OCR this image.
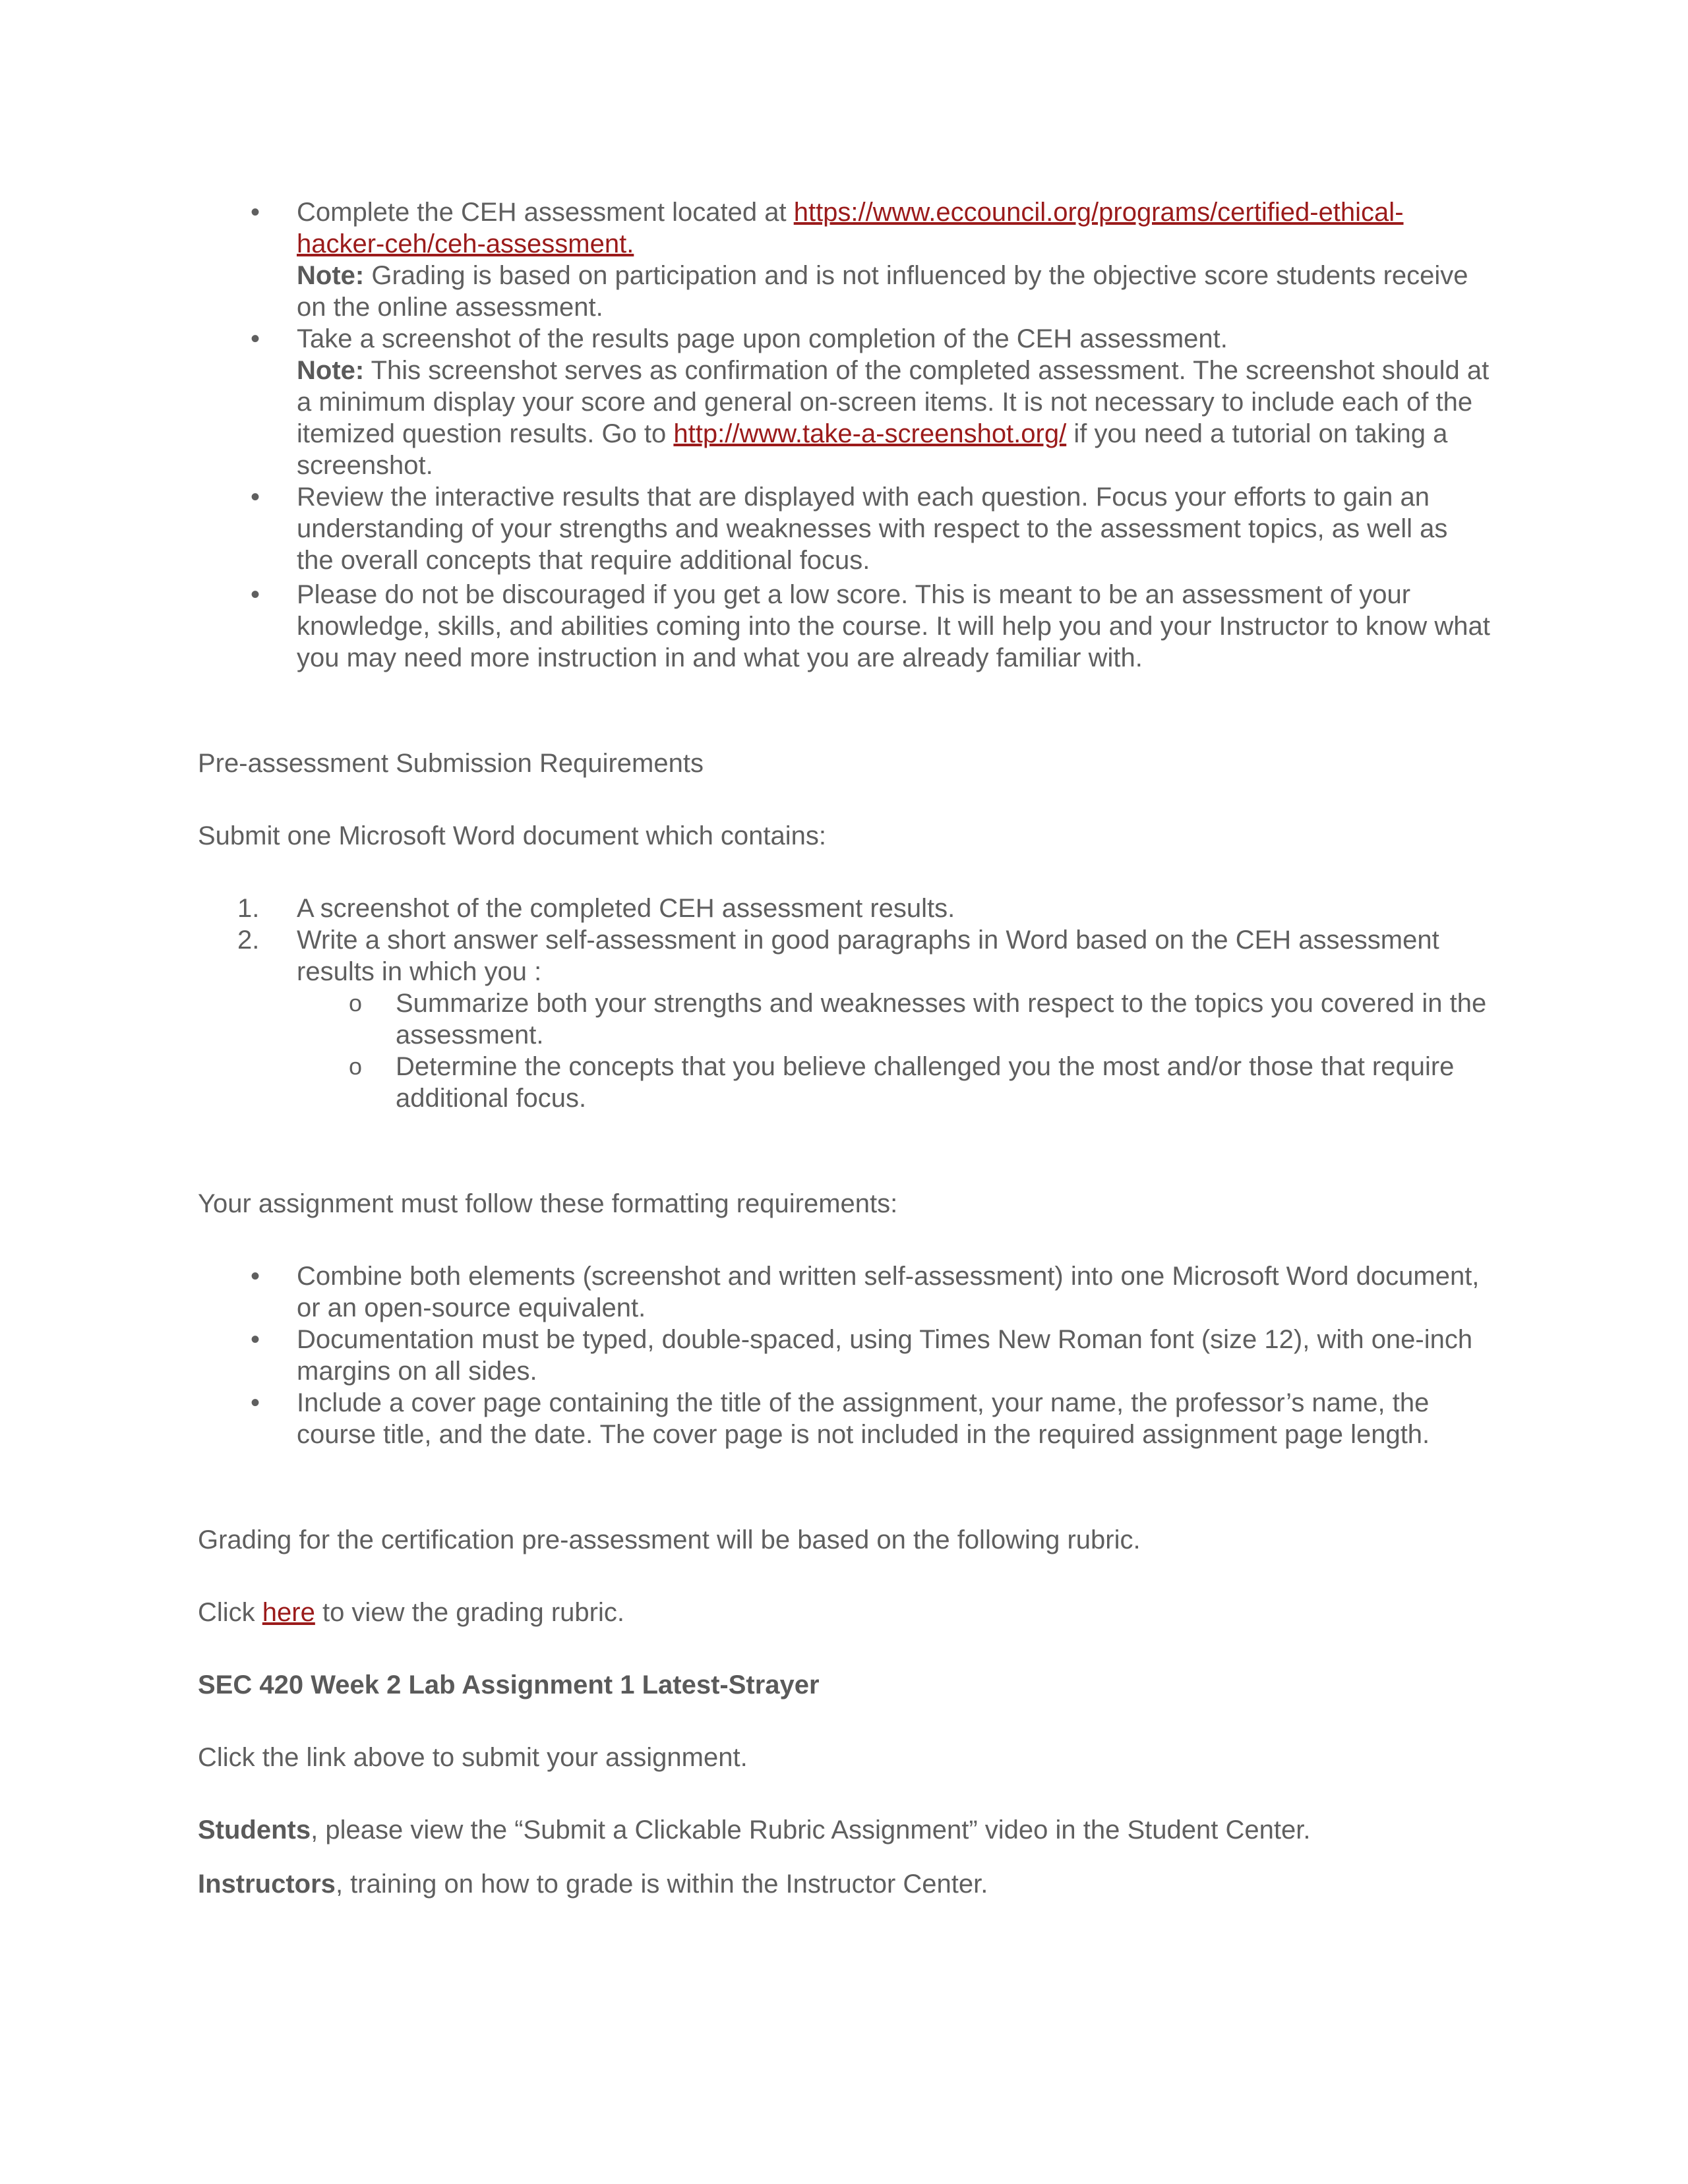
• Complete the CEH assessment located at https://www.eccouncil.org/programs/certified-ethical-hacker-ceh/ceh-assessment.
Note: Grading is based on participation and is not influenced by the objective score students receive on the online assessment.
• Take a screenshot of the results page upon completion of the CEH assessment.
Note: This screenshot serves as confirmation of the completed assessment. The screenshot should at a minimum display your score and general on-screen items. It is not necessary to include each of the itemized question results. Go to http://www.take-a-screenshot.org/ if you need a tutorial on taking a screenshot.
• Review the interactive results that are displayed with each question. Focus your efforts to gain an understanding of your strengths and weaknesses with respect to the assessment topics, as well as the overall concepts that require additional focus.
• Please do not be discouraged if you get a low score. This is meant to be an assessment of your knowledge, skills, and abilities coming into the course. It will help you and your Instructor to know what you may need more instruction in and what you are already familiar with.

Pre-assessment Submission Requirements

Submit one Microsoft Word document which contains:

1.	A screenshot of the completed CEH assessment results.
2.	Write a short answer self-assessment in good paragraphs in Word based on the CEH assessment results in which you :
o Summarize both your strengths and weaknesses with respect to the topics you covered in the assessment.
o Determine the concepts that you believe challenged you the most and/or those that require additional focus.

Your assignment must follow these formatting requirements:

• Combine both elements (screenshot and written self-assessment) into one Microsoft Word document, or an open-source equivalent.
• Documentation must be typed, double-spaced, using Times New Roman font (size 12), with one-inch margins on all sides.
• Include a cover page containing the title of the assignment, your name, the professor’s name, the course title, and the date. The cover page is not included in the required assignment page length.

Grading for the certification pre-assessment will be based on the following rubric.

Click here to view the grading rubric.

SEC 420 Week 2 Lab Assignment 1 Latest-Strayer

Click the link above to submit your assignment.

Students, please view the “Submit a Clickable Rubric Assignment” video in the Student Center.

Instructors, training on how to grade is within the Instructor Center.
